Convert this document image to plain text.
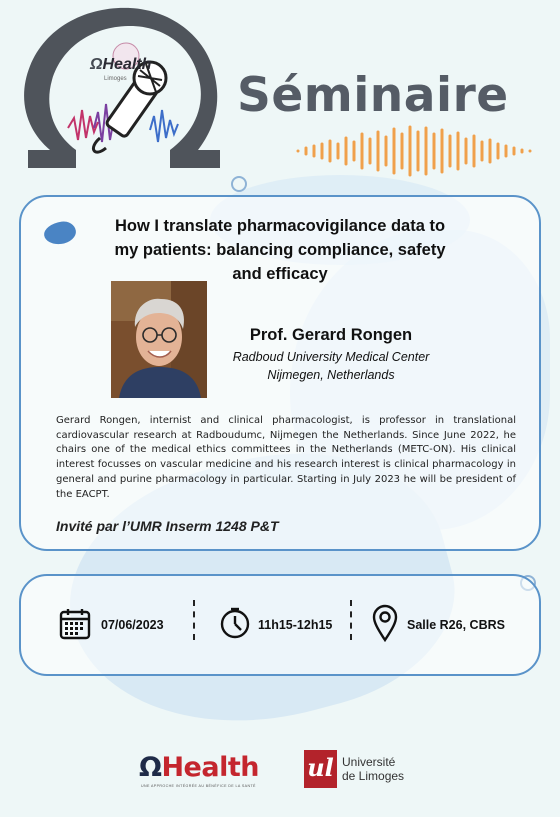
ΩHealth
Limoges Séminaire
How I translate pharmacovigilance data to
my patients: balancing compliance, safety
and efficacy
Prof. Gerard Rongen
Radboud University Medical Center
Nijmegen, Netherlands
Gerard Rongen, internist and clinical pharmacologist, is professor in translational cardiovascular research at Radboudumc, Nijmegen the Netherlands. Since June 2022, he chairs one of the medical ethics committees in the Netherlands (METC-ON). His clinical interest focusses on vascular medicine and his research interest is clinical pharmacology in general and purine pharmacology in particular. Starting in July 2023 he will be president of the EACPT.
Invité par l’UMR Inserm 1248 P&T
07/06/2023	11h15-12h15	Salle R26, CBRS
ΩHealth
UNE APPROCHE INTÉGRÉE AU BÉNÉFICE DE LA SANTÉ
ul Université
de Limoges
